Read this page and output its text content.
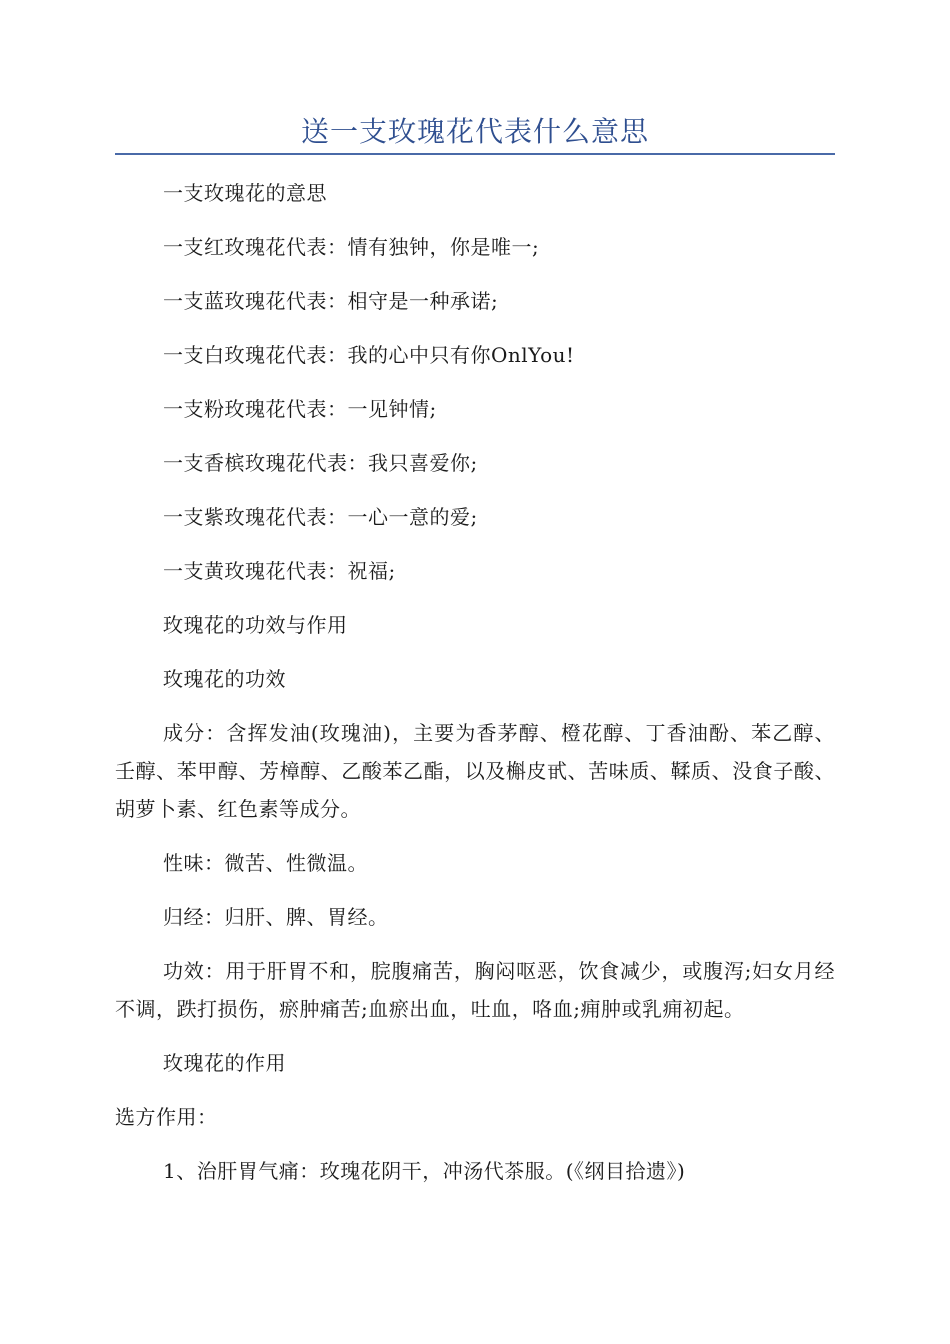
送一支玫瑰花代表什么意思

一支玫瑰花的意思

一支红玫瑰花代表：情有独钟，你是唯一;

一支蓝玫瑰花代表：相守是一种承诺;

一支白玫瑰花代表：我的心中只有你OnlYou!

一支粉玫瑰花代表：一见钟情;

一支香槟玫瑰花代表：我只喜爱你;

一支紫玫瑰花代表：一心一意的爱;

一支黄玫瑰花代表：祝福;

玫瑰花的功效与作用

玫瑰花的功效

成分：含挥发油(玫瑰油)，主要为香茅醇、橙花醇、丁香油酚、苯乙醇、壬醇、苯甲醇、芳樟醇、乙酸苯乙酯，以及槲皮甙、苦味质、鞣质、没食子酸、胡萝卜素、红色素等成分。

性味：微苦、性微温。

归经：归肝、脾、胃经。

功效：用于肝胃不和，脘腹痛苦，胸闷呕恶，饮食减少，或腹泻;妇女月经不调，跌打损伤，瘀肿痛苦;血瘀出血，吐血，咯血;痈肿或乳痈初起。

玫瑰花的作用

选方作用：

1、治肝胃气痛：玫瑰花阴干，冲汤代茶服。(《纲目拾遗》)
